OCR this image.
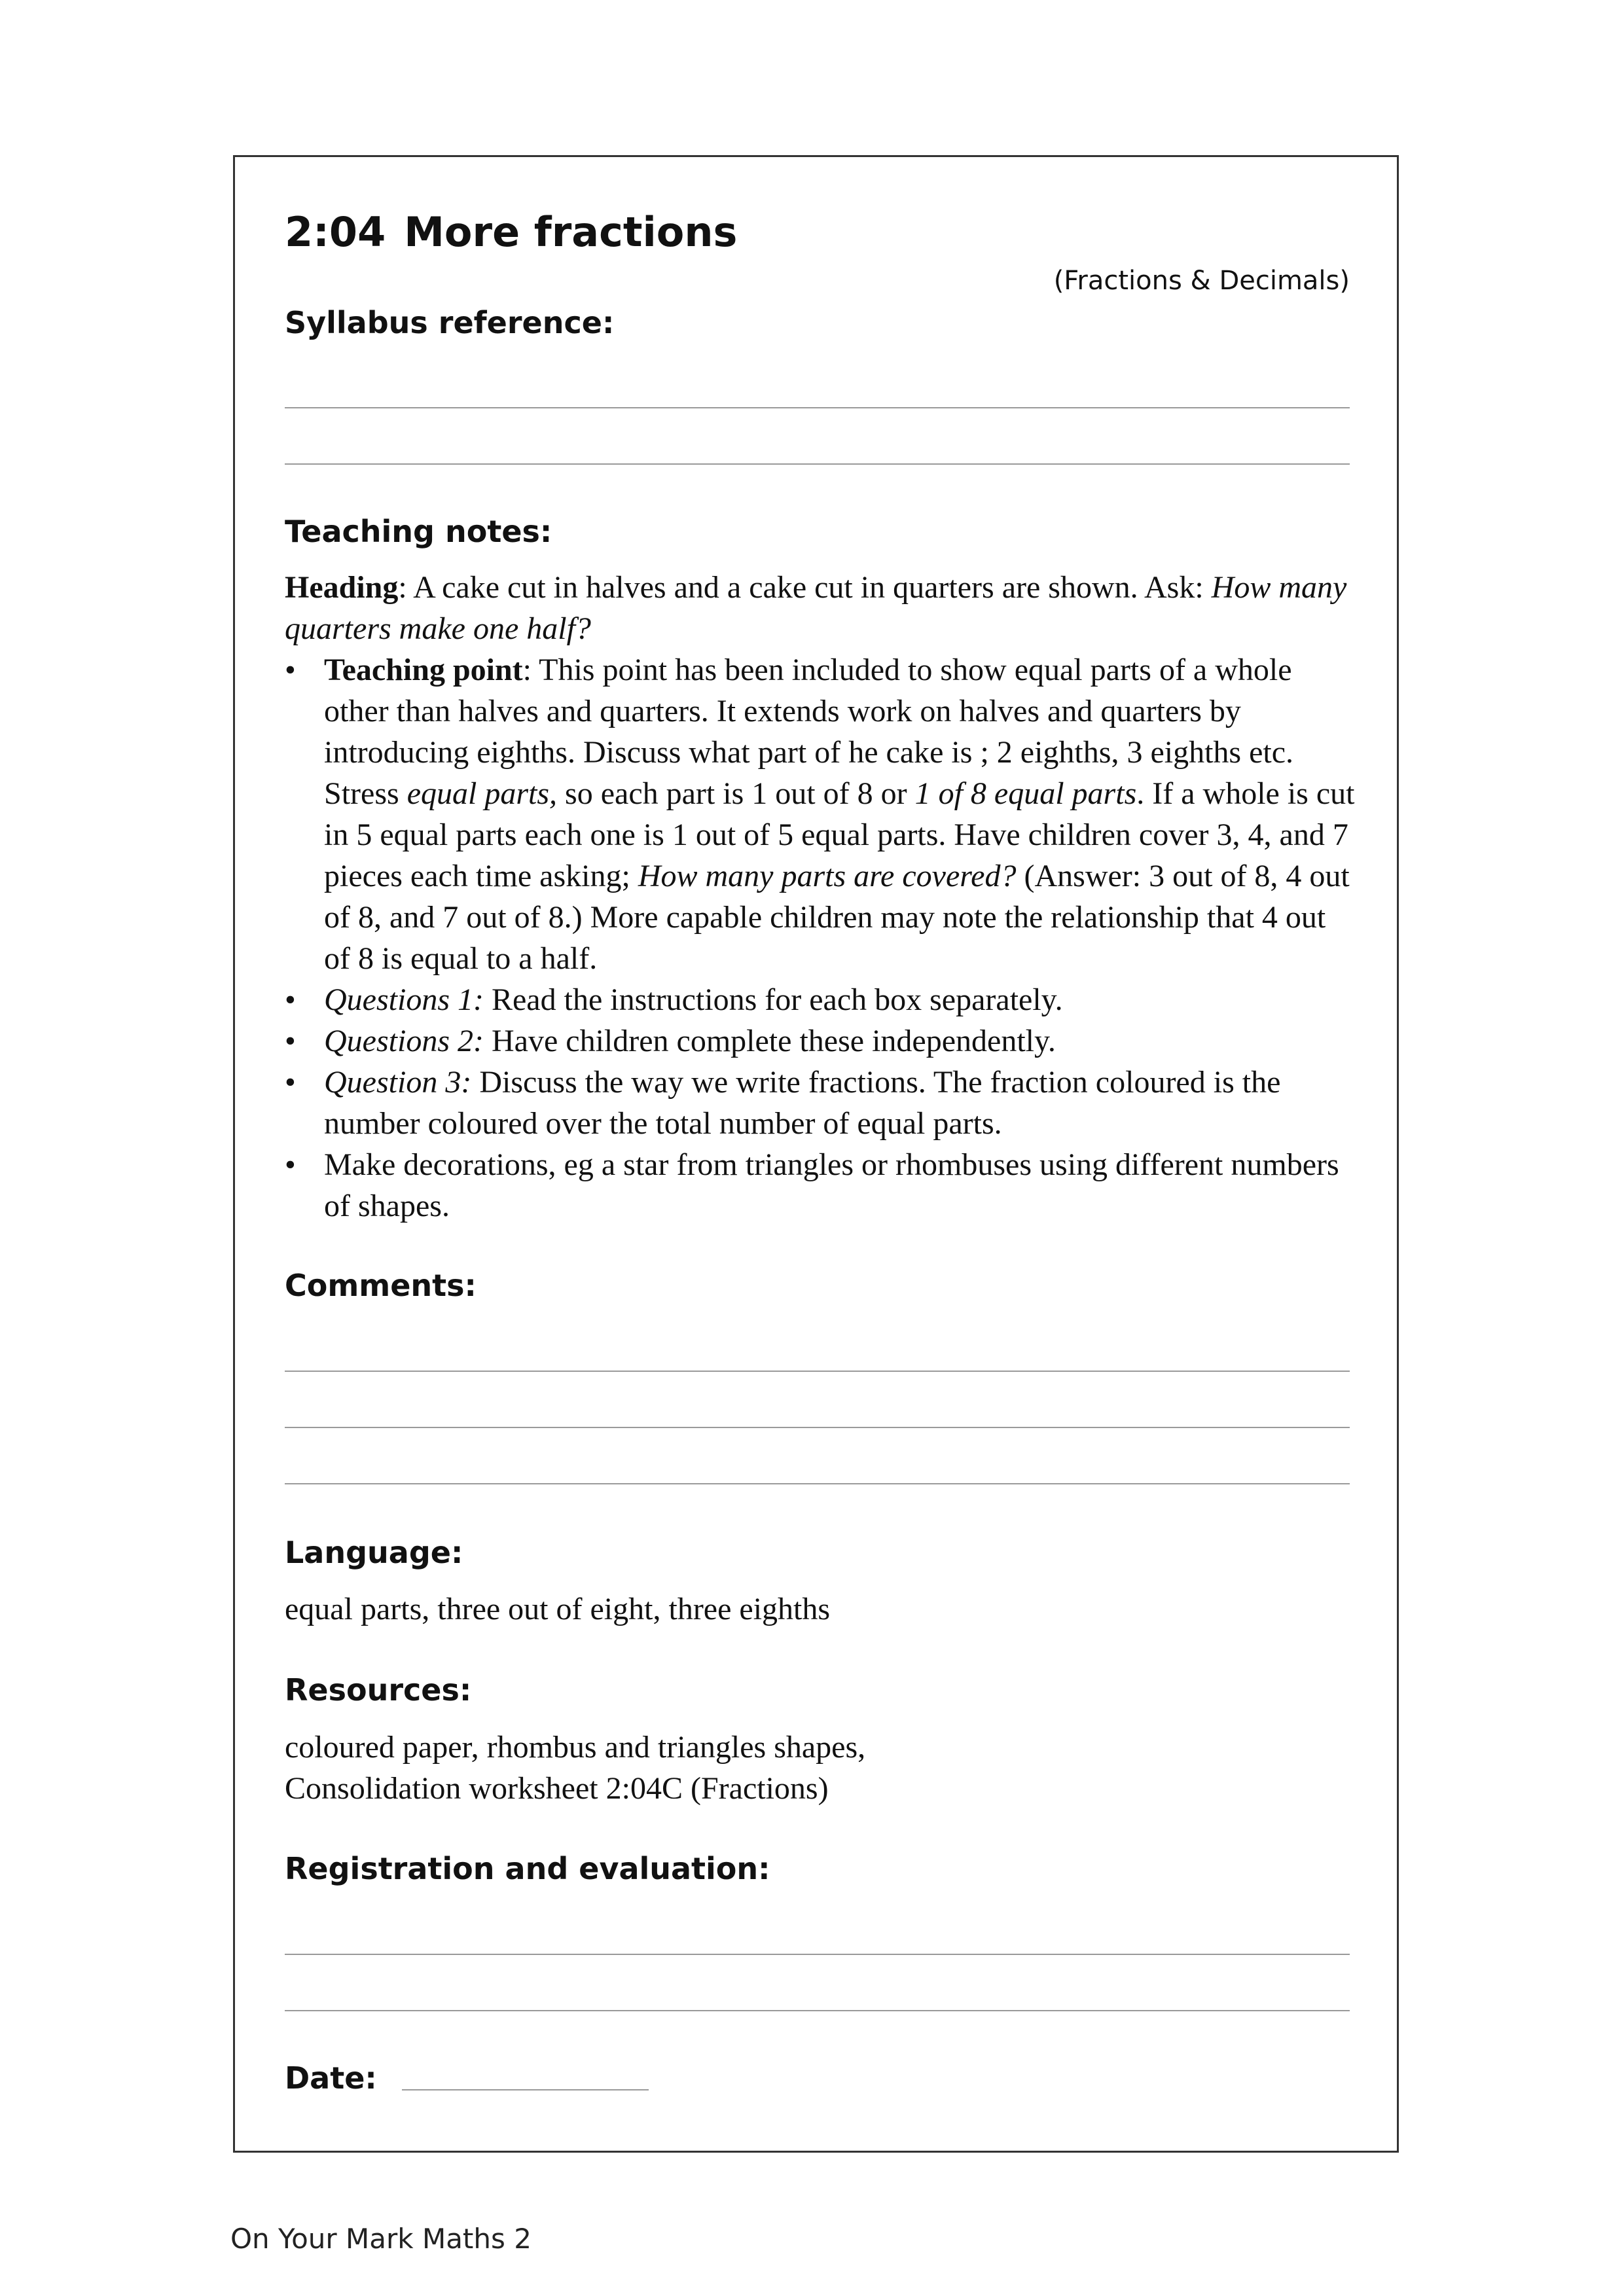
2:04 More fractions
(Fractions & Decimals)
Syllabus reference:
Teaching notes:

Heading: A cake cut in halves and a cake cut in quarters are shown. Ask: How many quarters make one half?

• Teaching point: This point has been included to show equal parts of a whole other than halves and quarters. It extends work on halves and quarters by introducing eighths. Discuss what part of he cake is ; 2 eighths, 3 eighths etc. Stress equal parts, so each part is 1 out of 8 or 1 of 8 equal parts. If a whole is cut in 5 equal parts each one is 1 out of 5 equal parts. Have children cover 3, 4, and 7 pieces each time asking; How many parts are covered? (Answer: 3 out of 8, 4 out of 8, and 7 out of 8.) More capable children may note the relationship that 4 out of 8 is equal to a half.
• Questions 1: Read the instructions for each box separately.
• Questions 2: Have children complete these independently.
• Question 3: Discuss the way we write fractions. The fraction coloured is the number coloured over the total number of equal parts.
• Make decorations, eg a star from triangles or rhombuses using different numbers of shapes.
Comments:
Language:
equal parts, three out of eight, three eighths
Resources:
coloured paper, rhombus and triangles shapes,
Consolidation worksheet 2:04C (Fractions)
Registration and evaluation:
Date:
On Your Mark Maths 2
